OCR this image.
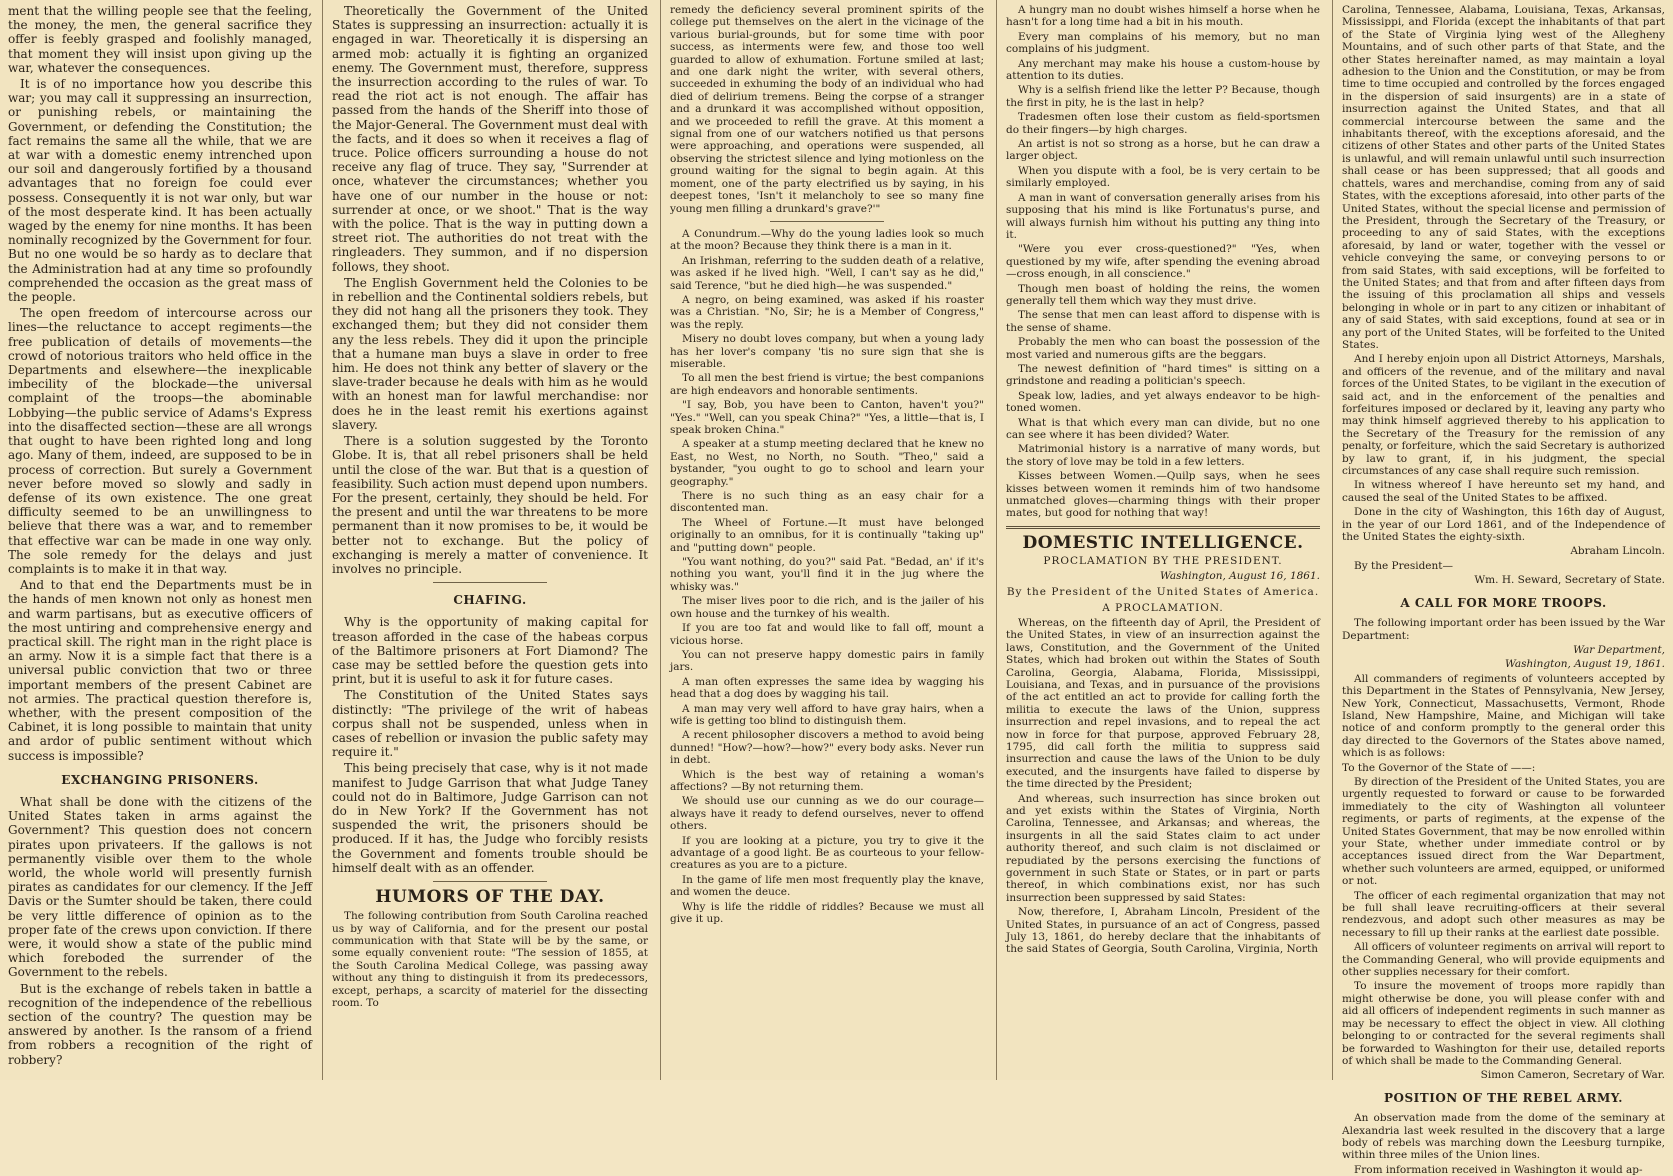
ment that the willing people see that the feeling, the money, the men, the general sacrifice they offer is feebly grasped and foolishly managed, that moment they will insist upon giving up the war, whatever the consequences.

It is of no importance how you describe this war; you may call it suppressing an insurrection, or punishing rebels, or maintaining the Government, or defending the Constitution; the fact remains the same all the while, that we are at war with a domestic enemy intrenched upon our soil and dangerously fortified by a thousand advantages that no foreign foe could ever possess. Consequently it is not war only, but war of the most desperate kind. It has been actually waged by the enemy for nine months. It has been nominally recognized by the Government for four. But no one would be so hardy as to declare that the Administration had at any time so profoundly comprehended the occasion as the great mass of the people.

The open freedom of intercourse across our lines—the reluctance to accept regiments—the free publication of details of movements—the crowd of notorious traitors who held office in the Departments and elsewhere—the inexplicable imbecility of the blockade—the universal complaint of the troops—the abominable Lobbying—the public service of Adams's Express into the disaffected section—these are all wrongs that ought to have been righted long and long ago. Many of them, indeed, are supposed to be in process of correction. But surely a Government never before moved so slowly and sadly in defense of its own existence. The one great difficulty seemed to be an unwillingness to believe that there was a war, and to remember that effective war can be made in one way only. The sole remedy for the delays and just complaints is to make it in that way.

And to that end the Departments must be in the hands of men known not only as honest men and warm partisans, but as executive officers of the most untiring and comprehensive energy and practical skill. The right man in the right place is an army. Now it is a simple fact that there is a universal public conviction that two or three important members of the present Cabinet are not armies. The practical question therefore is, whether, with the present composition of the Cabinet, it is long possible to maintain that unity and ardor of public sentiment without which success is impossible?

EXCHANGING PRISONERS.

What shall be done with the citizens of the United States taken in arms against the Government? This question does not concern pirates upon privateers. If the gallows is not permanently visible over them to the whole world, the whole world will presently furnish pirates as candidates for our clemency. If the Jeff Davis or the Sumter should be taken, there could be very little difference of opinion as to the proper fate of the crews upon conviction. If there were, it would show a state of the public mind which foreboded the surrender of the Government to the rebels.

But is the exchange of rebels taken in battle a recognition of the independence of the rebellious section of the country? The question may be answered by another. Is the ransom of a friend from robbers a recognition of the right of robbery?

Theoretically the Government of the United States is suppressing an insurrection: actually it is engaged in war. Theoretically it is dispersing an armed mob: actually it is fighting an organized enemy. The Government must, therefore, suppress the insurrection according to the rules of war. To read the riot act is not enough. The affair has passed from the hands of the Sheriff into those of the Major-General. The Government must deal with the facts, and it does so when it receives a flag of truce. Police officers surrounding a house do not receive any flag of truce. They say, "Surrender at once, whatever the circumstances; whether you have one of our number in the house or not: surrender at once, or we shoot." That is the way with the police. That is the way in putting down a street riot. The authorities do not treat with the ringleaders. They summon, and if no dispersion follows, they shoot.

The English Government held the Colonies to be in rebellion and the Continental soldiers rebels, but they did not hang all the prisoners they took. They exchanged them; but they did not consider them any the less rebels. They did it upon the principle that a humane man buys a slave in order to free him. He does not think any better of slavery or the slave-trader because he deals with him as he would with an honest man for lawful merchandise: nor does he in the least remit his exertions against slavery.

There is a solution suggested by the Toronto Globe. It is, that all rebel prisoners shall be held until the close of the war. But that is a question of feasibility. Such action must depend upon numbers. For the present, certainly, they should be held. For the present and until the war threatens to be more permanent than it now promises to be, it would be better not to exchange. But the policy of exchanging is merely a matter of convenience. It involves no principle.

CHAFING.

Why is the opportunity of making capital for treason afforded in the case of the habeas corpus of the Baltimore prisoners at Fort Diamond? The case may be settled before the question gets into print, but it is useful to ask it for future cases.

The Constitution of the United States says distinctly: "The privilege of the writ of habeas corpus shall not be suspended, unless when in cases of rebellion or invasion the public safety may require it."

This being precisely that case, why is it not made manifest to Judge Garrison that what Judge Taney could not do in Baltimore, Judge Garrison can not do in New York? If the Government has not suspended the writ, the prisoners should be produced. If it has, the Judge who forcibly resists the Government and foments trouble should be himself dealt with as an offender.

HUMORS OF THE DAY.

The following contribution from South Carolina reached us by way of California, and for the present our postal communication with that State will be by the same, or some equally convenient route: "The session of 1855, at the South Carolina Medical College, was passing away without any thing to distinguish it from its predecessors, except, perhaps, a scarcity of materiel for the dissecting room. To

remedy the deficiency several prominent spirits of the college put themselves on the alert in the vicinage of the various burial-grounds, but for some time with poor success, as interments were few, and those too well guarded to allow of exhumation. Fortune smiled at last; and one dark night the writer, with several others, succeeded in exhuming the body of an individual who had died of delirium tremens. Being the corpse of a stranger and a drunkard it was accomplished without opposition, and we proceeded to refill the grave. At this moment a signal from one of our watchers notified us that persons were approaching, and operations were suspended, all observing the strictest silence and lying motionless on the ground waiting for the signal to begin again. At this moment, one of the party electrified us by saying, in his deepest tones, 'Isn't it melancholy to see so many fine young men filling a drunkard's grave?'"

A Conundrum.—Why do the young ladies look so much at the moon? Because they think there is a man in it.

An Irishman, referring to the sudden death of a relative, was asked if he lived high. "Well, I can't say as he did," said Terence, "but he died high—he was suspended."

A negro, on being examined, was asked if his roaster was a Christian. "No, Sir; he is a Member of Congress," was the reply.

Misery no doubt loves company, but when a young lady has her lover's company 'tis no sure sign that she is miserable.

To all men the best friend is virtue; the best companions are high endeavors and honorable sentiments.

"I say, Bob, you have been to Canton, haven't you?" "Yes." "Well, can you speak China?" "Yes, a little—that is, I speak broken China."

A speaker at a stump meeting declared that he knew no East, no West, no North, no South. "Theo," said a bystander, "you ought to go to school and learn your geography."

There is no such thing as an easy chair for a discontented man.

The Wheel of Fortune.—It must have belonged originally to an omnibus, for it is continually "taking up" and "putting down" people.

"You want nothing, do you?" said Pat. "Bedad, an' if it's nothing you want, you'll find it in the jug where the whisky was."

The miser lives poor to die rich, and is the jailer of his own house and the turnkey of his wealth.

If you are too fat and would like to fall off, mount a vicious horse.

You can not preserve happy domestic pairs in family jars.

A man often expresses the same idea by wagging his head that a dog does by wagging his tail.

A man may very well afford to have gray hairs, when a wife is getting too blind to distinguish them.

A recent philosopher discovers a method to avoid being dunned! "How?—how?—how?" every body asks. Never run in debt.

Which is the best way of retaining a woman's affections? —By not returning them.

We should use our cunning as we do our courage—always have it ready to defend ourselves, never to offend others.

If you are looking at a picture, you try to give it the advantage of a good light. Be as courteous to your fellow-creatures as you are to a picture.

In the game of life men most frequently play the knave, and women the deuce.

Why is life the riddle of riddles? Because we must all give it up.

A hungry man no doubt wishes himself a horse when he hasn't for a long time had a bit in his mouth.

Every man complains of his memory, but no man complains of his judgment.

Any merchant may make his house a custom-house by attention to its duties.

Why is a selfish friend like the letter P? Because, though the first in pity, he is the last in help?

Tradesmen often lose their custom as field-sportsmen do their fingers—by high charges.

An artist is not so strong as a horse, but he can draw a larger object.

When you dispute with a fool, be is very certain to be similarly employed.

A man in want of conversation generally arises from his supposing that his mind is like Fortunatus's purse, and will always furnish him without his putting any thing into it.

"Were you ever cross-questioned?" "Yes, when questioned by my wife, after spending the evening abroad—cross enough, in all conscience."

Though men boast of holding the reins, the women generally tell them which way they must drive.

The sense that men can least afford to dispense with is the sense of shame.

Probably the men who can boast the possession of the most varied and numerous gifts are the beggars.

The newest definition of "hard times" is sitting on a grindstone and reading a politician's speech.

Speak low, ladies, and yet always endeavor to be high-toned women.

What is that which every man can divide, but no one can see where it has been divided? Water.

Matrimonial history is a narrative of many words, but the story of love may be told in a few letters.

Kisses between Women.—Quilp says, when he sees kisses between women it reminds him of two handsome unmatched gloves—charming things with their proper mates, but good for nothing that way!

DOMESTIC INTELLIGENCE.
PROCLAMATION BY THE PRESIDENT.
Washington, August 16, 1861.
By the President of the United States of America.
A PROCLAMATION.

Whereas, on the fifteenth day of April, the President of the United States, in view of an insurrection against the laws, Constitution, and the Government of the United States, which had broken out within the States of South Carolina, Georgia, Alabama, Florida, Mississippi, Louisiana, and Texas, and in pursuance of the provisions of the act entitled an act to provide for calling forth the militia to execute the laws of the Union, suppress insurrection and repel invasions, and to repeal the act now in force for that purpose, approved February 28, 1795, did call forth the militia to suppress said insurrection and cause the laws of the Union to be duly executed, and the insurgents have failed to disperse by the time directed by the President;

And whereas, such insurrection has since broken out and yet exists within the States of Virginia, North Carolina, Tennessee, and Arkansas; and whereas, the insurgents in all the said States claim to act under authority thereof, and such claim is not disclaimed or repudiated by the persons exercising the functions of government in such State or States, or in part or parts thereof, in which combinations exist, nor has such insurrection been suppressed by said States:

Now, therefore, I, Abraham Lincoln, President of the United States, in pursuance of an act of Congress, passed July 13, 1861, do hereby declare that the inhabitants of the said States of Georgia, South Carolina, Virginia, North

Carolina, Tennessee, Alabama, Louisiana, Texas, Arkansas, Mississippi, and Florida (except the inhabitants of that part of the State of Virginia lying west of the Allegheny Mountains, and of such other parts of that State, and the other States hereinafter named, as may maintain a loyal adhesion to the Union and the Constitution, or may be from time to time occupied and controlled by the forces engaged in the dispersion of said insurgents) are in a state of insurrection against the United States, and that all commercial intercourse between the same and the inhabitants thereof, with the exceptions aforesaid, and the citizens of other States and other parts of the United States is unlawful, and will remain unlawful until such insurrection shall cease or has been suppressed; that all goods and chattels, wares and merchandise, coming from any of said States, with the exceptions aforesaid, into other parts of the United States, without the special license and permission of the President, through the Secretary of the Treasury, or proceeding to any of said States, with the exceptions aforesaid, by land or water, together with the vessel or vehicle conveying the same, or conveying persons to or from said States, with said exceptions, will be forfeited to the United States; and that from and after fifteen days from the issuing of this proclamation all ships and vessels belonging in whole or in part to any citizen or inhabitant of any of said States, with said exceptions, found at sea or in any port of the United States, will be forfeited to the United States.

And I hereby enjoin upon all District Attorneys, Marshals, and officers of the revenue, and of the military and naval forces of the United States, to be vigilant in the execution of said act, and in the enforcement of the penalties and forfeitures imposed or declared by it, leaving any party who may think himself aggrieved thereby to his application to the Secretary of the Treasury for the remission of any penalty, or forfeiture, which the said Secretary is authorized by law to grant, if, in his judgment, the special circumstances of any case shall require such remission.

In witness whereof I have hereunto set my hand, and caused the seal of the United States to be affixed.

Done in the city of Washington, this 16th day of August, in the year of our Lord 1861, and of the Independence of the United States the eighty-sixth.

Abraham Lincoln.

By the President—

Wm. H. Seward, Secretary of State.
A CALL FOR MORE TROOPS.

The following important order has been issued by the War Department:

War Department,
Washington, August 19, 1861.

All commanders of regiments of volunteers accepted by this Department in the States of Pennsylvania, New Jersey, New York, Connecticut, Massachusetts, Vermont, Rhode Island, New Hampshire, Maine, and Michigan will take notice of and conform promptly to the general order this day directed to the Governors of the States above named, which is as follows:

To the Governor of the State of ——:

By direction of the President of the United States, you are urgently requested to forward or cause to be forwarded immediately to the city of Washington all volunteer regiments, or parts of regiments, at the expense of the United States Government, that may be now enrolled within your State, whether under immediate control or by acceptances issued direct from the War Department, whether such volunteers are armed, equipped, or uniformed or not.

The officer of each regimental organization that may not be full shall leave recruiting-officers at their several rendezvous, and adopt such other measures as may be necessary to fill up their ranks at the earliest date possible.

All officers of volunteer regiments on arrival will report to the Commanding General, who will provide equipments and other supplies necessary for their comfort.

To insure the movement of troops more rapidly than might otherwise be done, you will please confer with and aid all officers of independent regiments in such manner as may be necessary to effect the object in view. All clothing belonging to or contracted for the several regiments shall be forwarded to Washington for their use, detailed reports of which shall be made to the Commanding General.

Simon Cameron, Secretary of War.
POSITION OF THE REBEL ARMY.

An observation made from the dome of the seminary at Alexandria last week resulted in the discovery that a large body of rebels was marching down the Leesburg turnpike, within three miles of the Union lines.

From information received in Washington it would ap-
